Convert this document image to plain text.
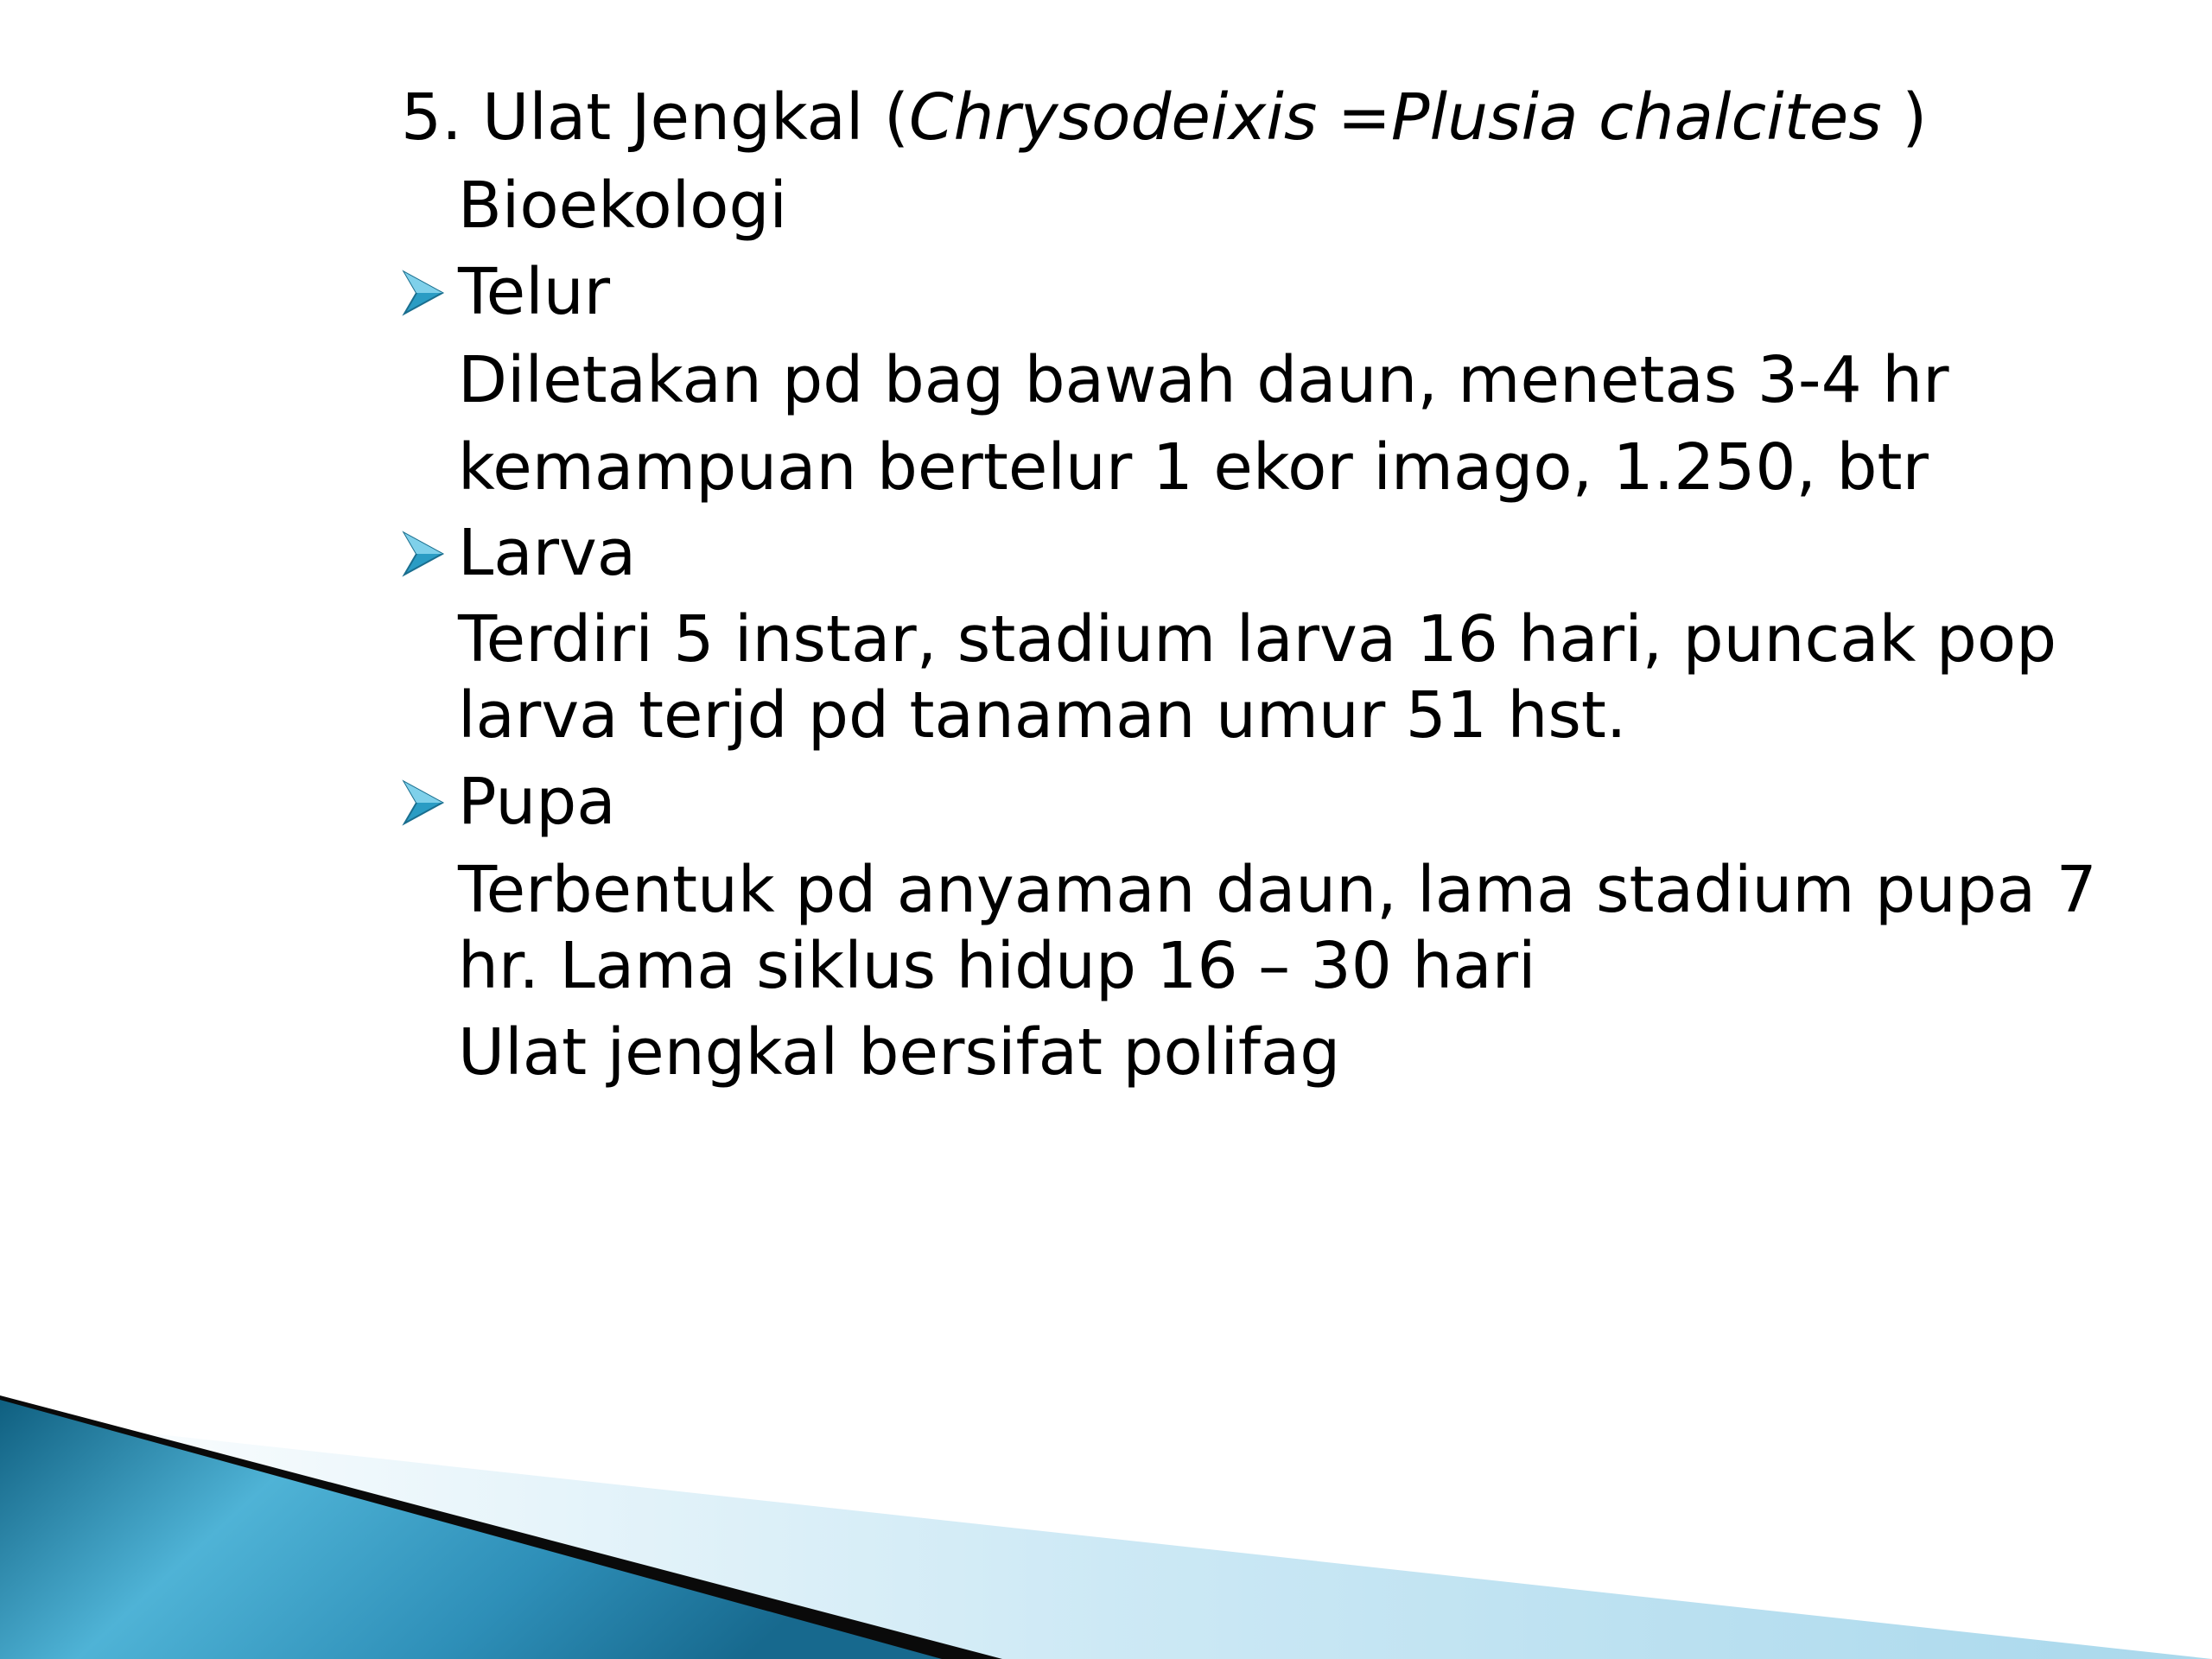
5. Ulat Jengkal (Chrysodeixis =Plusia chalcites )

Bioekologi

Telur

Diletakan pd bag bawah daun, menetas 3-4 hr

kemampuan bertelur 1 ekor imago, 1.250, btr

Larva

Terdiri 5 instar, stadium larva 16 hari, puncak pop

larva terjd pd tanaman umur 51 hst.

Pupa

Terbentuk pd anyaman daun, lama stadium pupa 7

hr. Lama siklus hidup 16 – 30 hari

Ulat jengkal bersifat polifag
